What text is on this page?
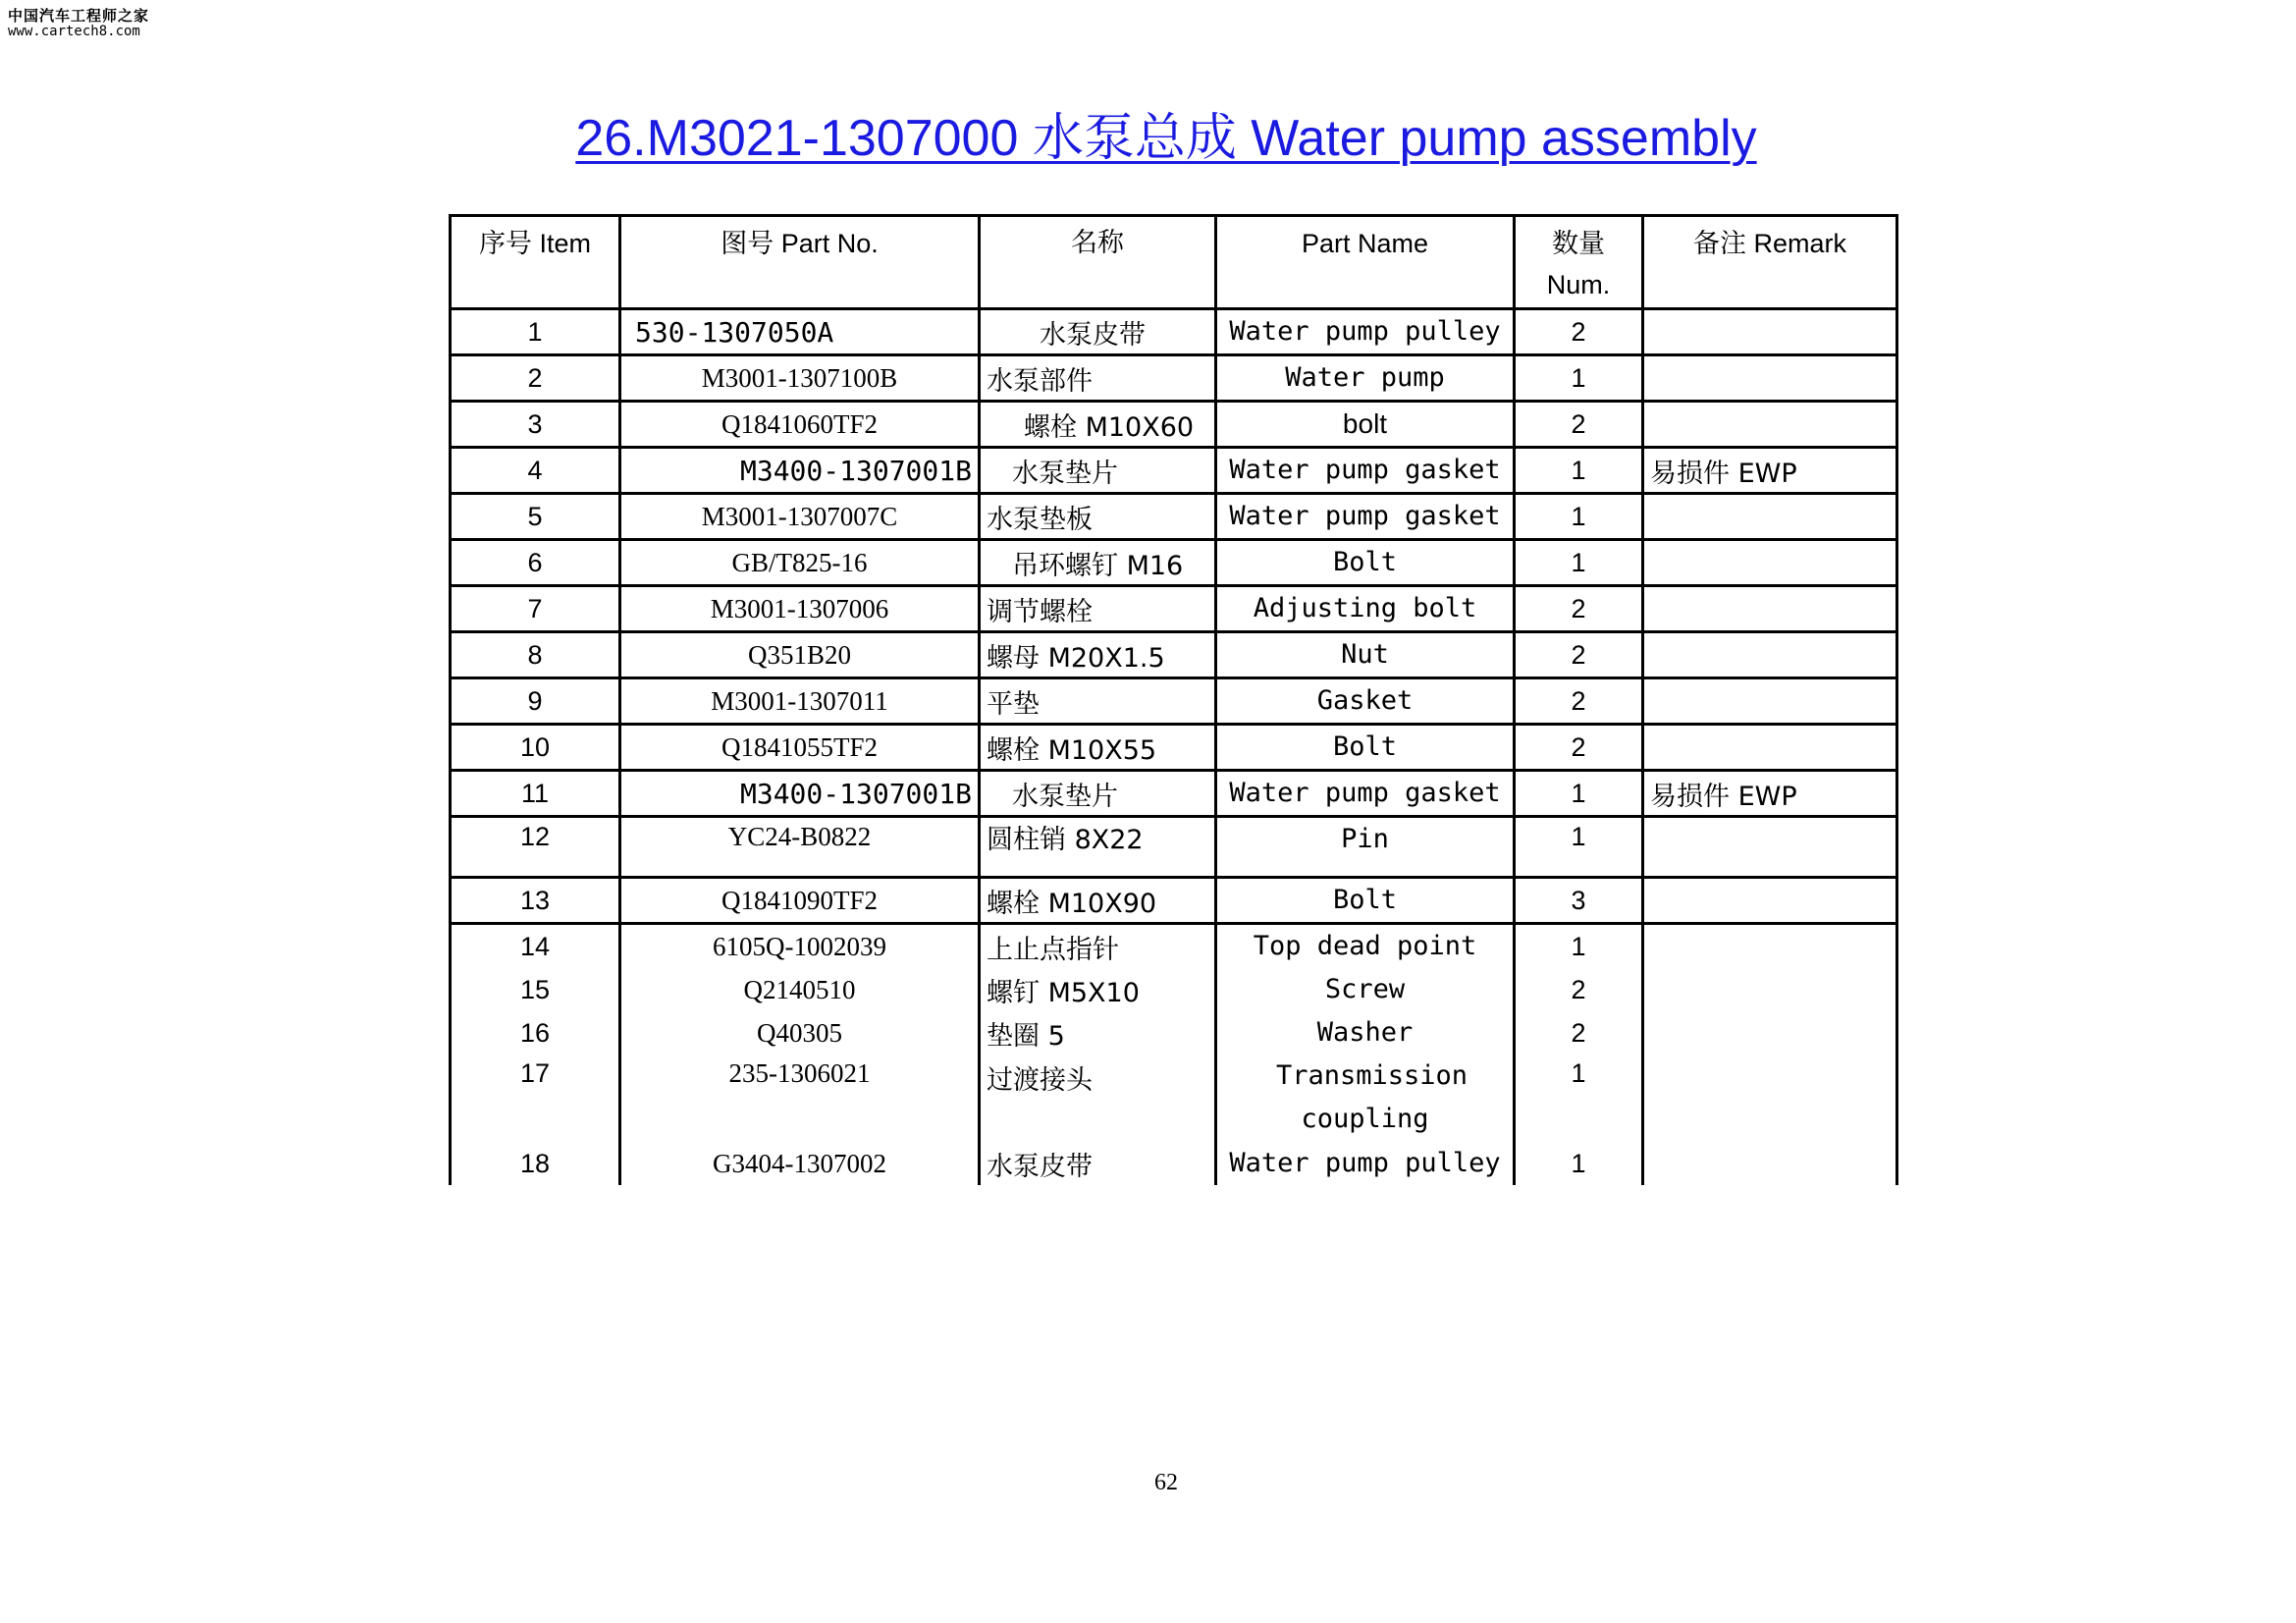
中国汽车工程师之家
www.cartech8.com
26.M3021-1307000 水泵总成 Water pump assembly
序号 Item	图号 Part No.	名称	Part Name	数量 Num.	备注 Remark
1	530-1307050A	水泵皮带	Water pump pulley	2	
2	M3001-1307100B	水泵部件	Water pump	1	
3	Q1841060TF2	螺栓 M10X60	bolt	2	
4	M3400-1307001B	水泵垫片	Water pump gasket	1	易损件 EWP
5	M3001-1307007C	水泵垫板	Water pump gasket	1	
6	GB/T825-16	吊环螺钉 M16	Bolt	1	
7	M3001-1307006	调节螺栓	Adjusting bolt	2	
8	Q351B20	螺母 M20X1.5	Nut	2	
9	M3001-1307011	平垫	Gasket	2	
10	Q1841055TF2	螺栓 M10X55	Bolt	2	
11	M3400-1307001B	水泵垫片	Water pump gasket	1	易损件 EWP
12	YC24-B0822	圆柱销 8X22	Pin	1	
13	Q1841090TF2	螺栓 M10X90	Bolt	3	
14	6105Q-1002039	上止点指针	Top dead point	1	
15	Q2140510	螺钉 M5X10	Screw	2	
16	Q40305	垫圈 5	Washer	2	
17	235-1306021	过渡接头	Transmission coupling	1	
18	G3404-1307002	水泵皮带	Water pump pulley	1	
62
